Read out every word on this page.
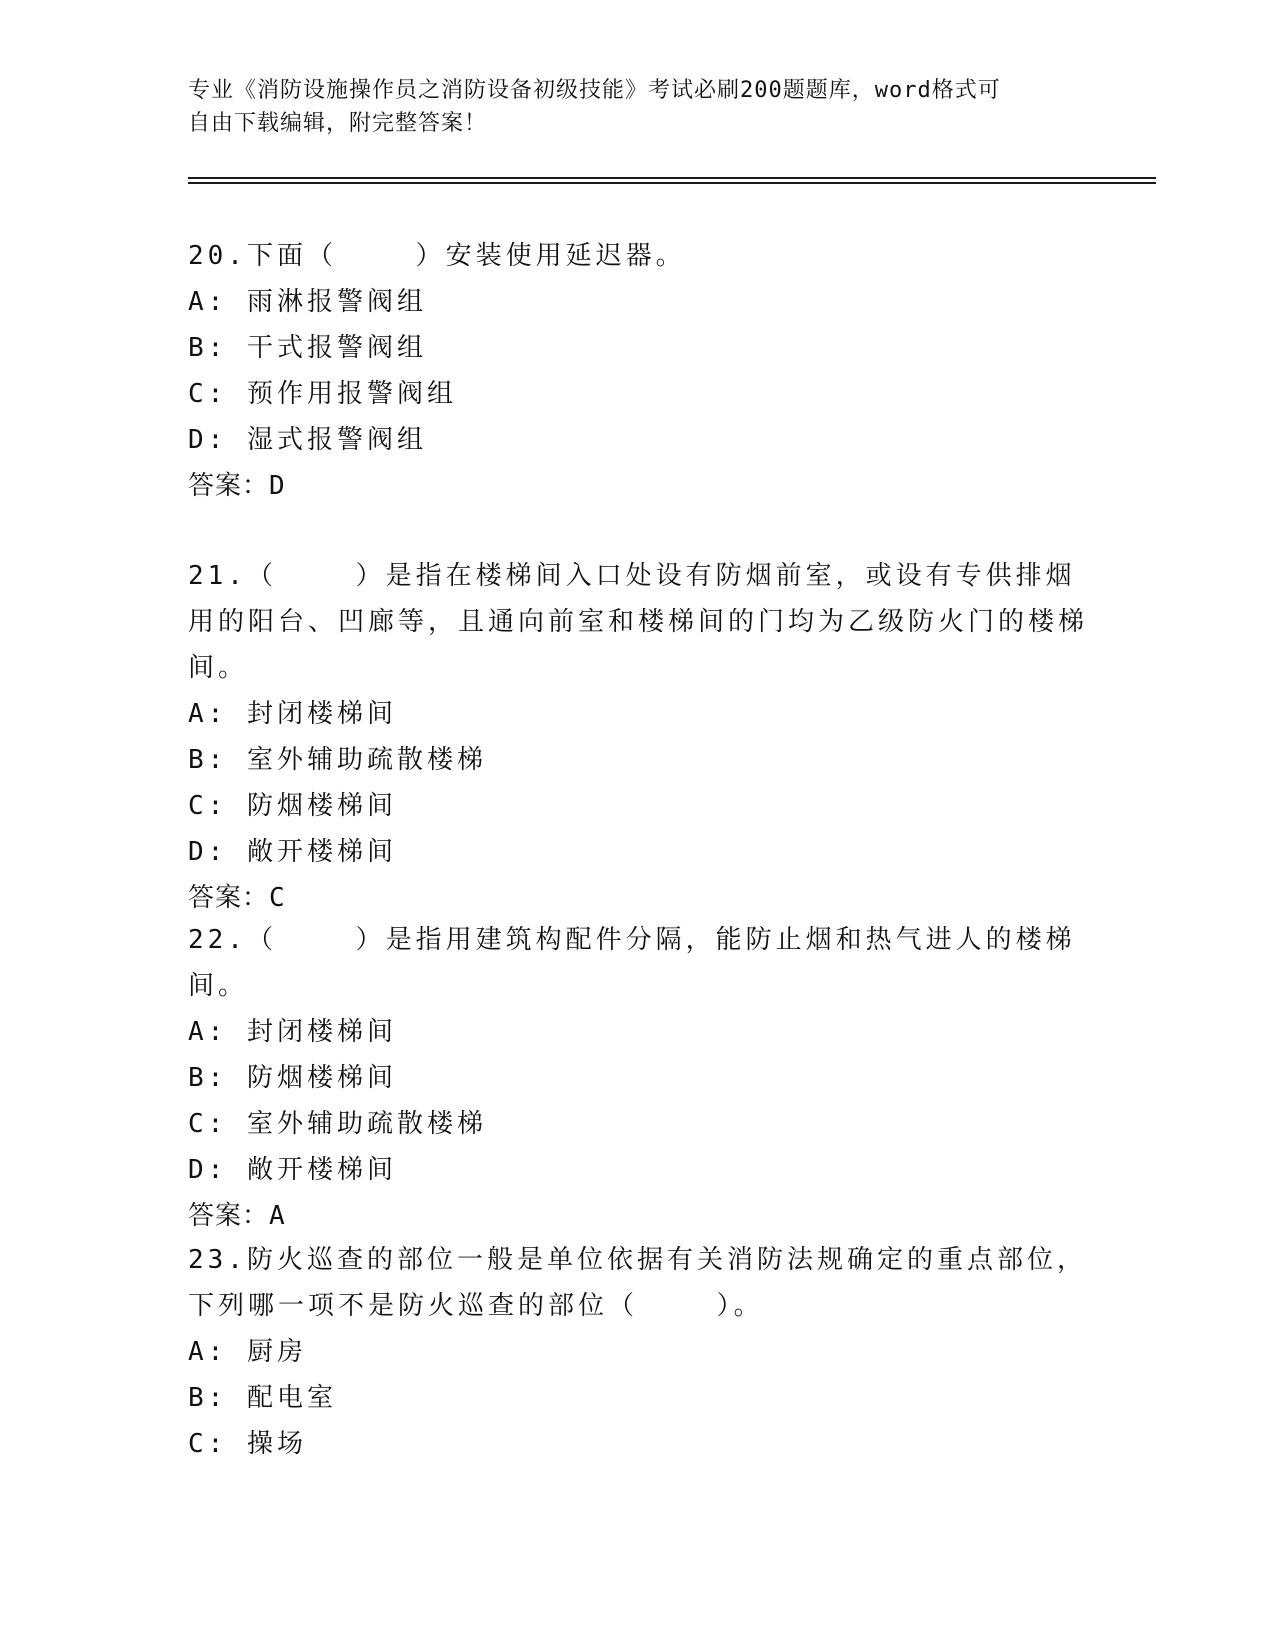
专业《消防设施操作员之消防设备初级技能》考试必刷200题题库，word格式可
自由下载编辑，附完整答案！
20.下面（    ）安装使用延迟器。
A: 雨淋报警阀组
B: 干式报警阀组
C: 预作用报警阀组
D: 湿式报警阀组
答案：D
21.（    ）是指在楼梯间入口处设有防烟前室，或设有专供排烟用的阳台、凹廊等，且通向前室和楼梯间的门均为乙级防火门的楼梯间。
A: 封闭楼梯间
B: 室外辅助疏散楼梯
C: 防烟楼梯间
D: 敞开楼梯间
答案：C
22.（    ）是指用建筑构配件分隔，能防止烟和热气进人的楼梯间。
A: 封闭楼梯间
B: 防烟楼梯间
C: 室外辅助疏散楼梯
D: 敞开楼梯间
答案：A
23.防火巡查的部位一般是单位依据有关消防法规确定的重点部位，下列哪一项不是防火巡查的部位（    ）。
A: 厨房
B: 配电室
C: 操场
